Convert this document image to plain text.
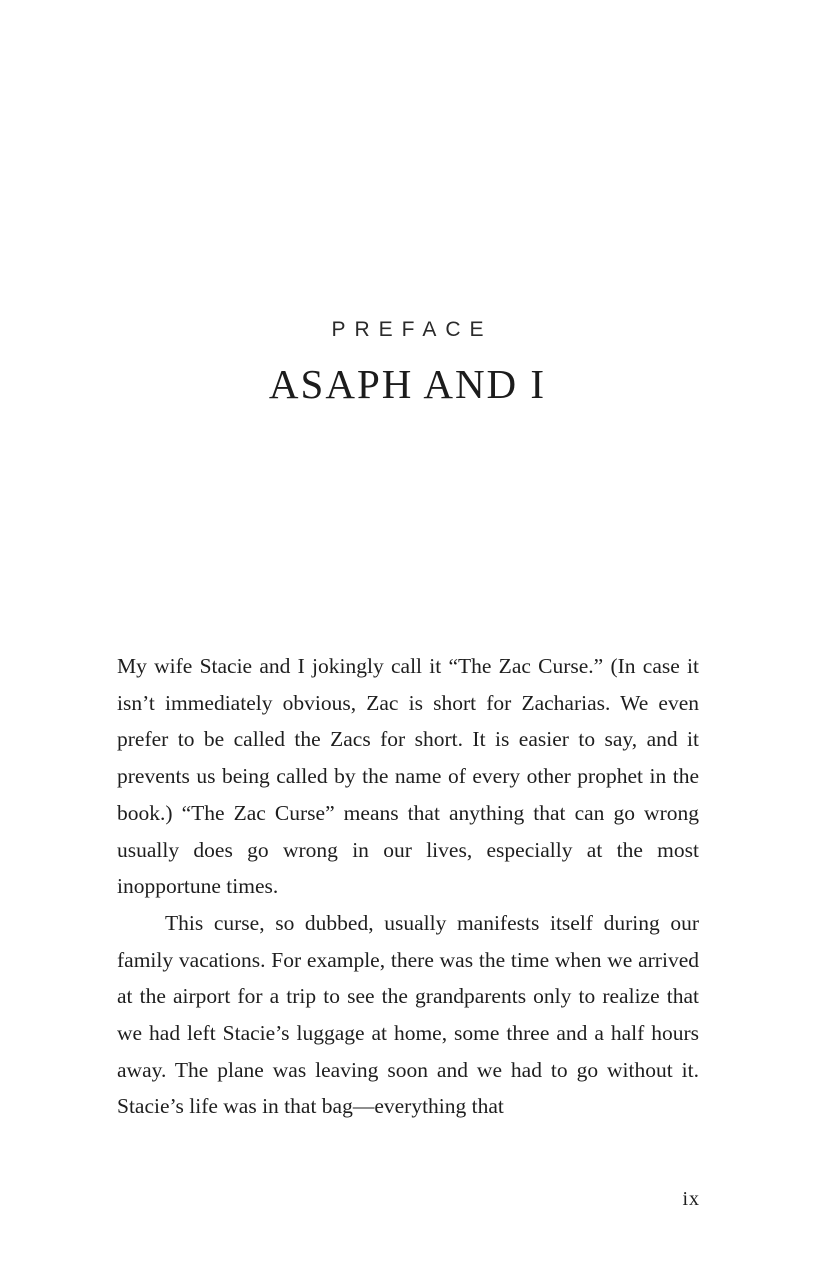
PREFACE
ASAPH AND I

My wife Stacie and I jokingly call it “The Zac Curse.” (In case it isn’t immediately obvious, Zac is short for Zacharias. We even prefer to be called the Zacs for short. It is easier to say, and it prevents us being called by the name of every other prophet in the book.) “The Zac Curse” means that anything that can go wrong usually does go wrong in our lives, especially at the most inopportune times.

This curse, so dubbed, usually manifests itself during our family vacations. For example, there was the time when we arrived at the airport for a trip to see the grandparents only to realize that we had left Stacie’s luggage at home, some three and a half hours away. The plane was leaving soon and we had to go without it. Stacie’s life was in that bag—everything that

ix
